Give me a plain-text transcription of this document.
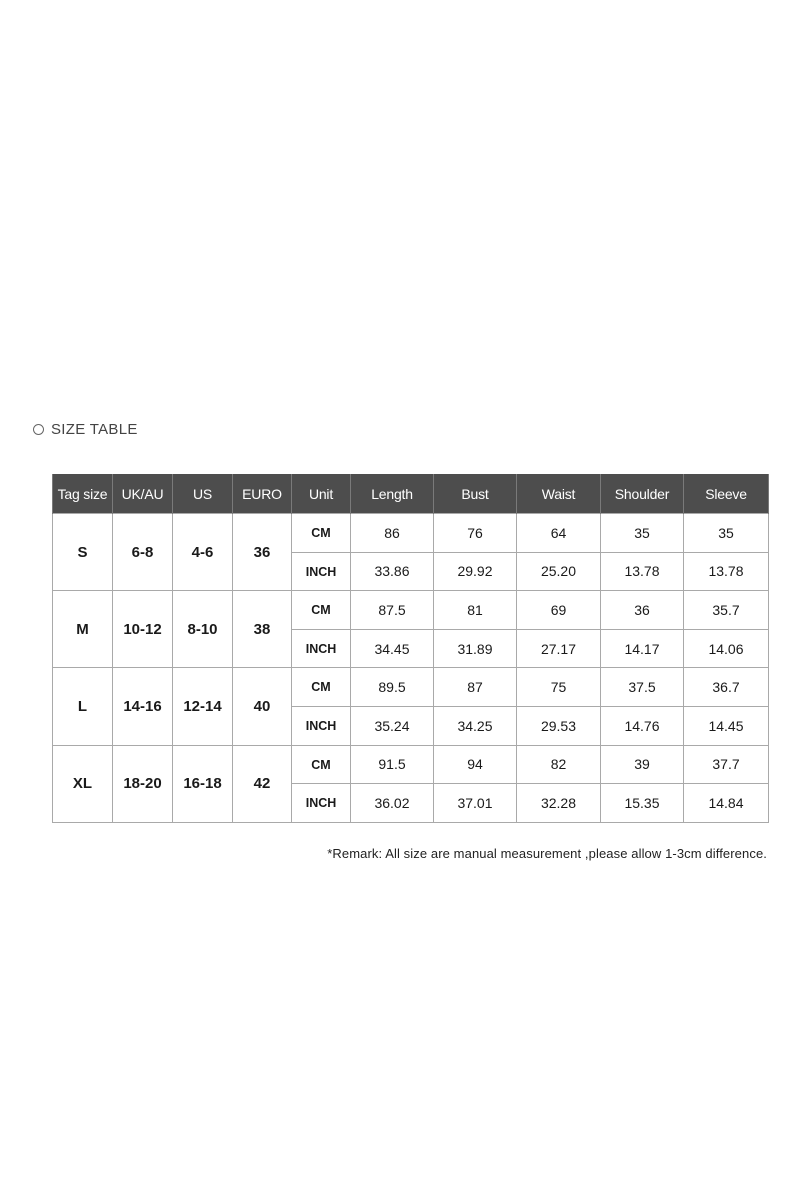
SIZE TABLE
Tag size	UK/AU	US	EURO	Unit	Length	Bust	Waist	Shoulder	Sleeve
S	6-8	4-6	36	CM	86	76	64	35	35
				INCH	33.86	29.92	25.20	13.78	13.78
M	10-12	8-10	38	CM	87.5	81	69	36	35.7
				INCH	34.45	31.89	27.17	14.17	14.06
L	14-16	12-14	40	CM	89.5	87	75	37.5	36.7
				INCH	35.24	34.25	29.53	14.76	14.45
XL	18-20	16-18	42	CM	91.5	94	82	39	37.7
				INCH	36.02	37.01	32.28	15.35	14.84
*Remark: All size are manual measurement ,please allow 1-3cm difference.
